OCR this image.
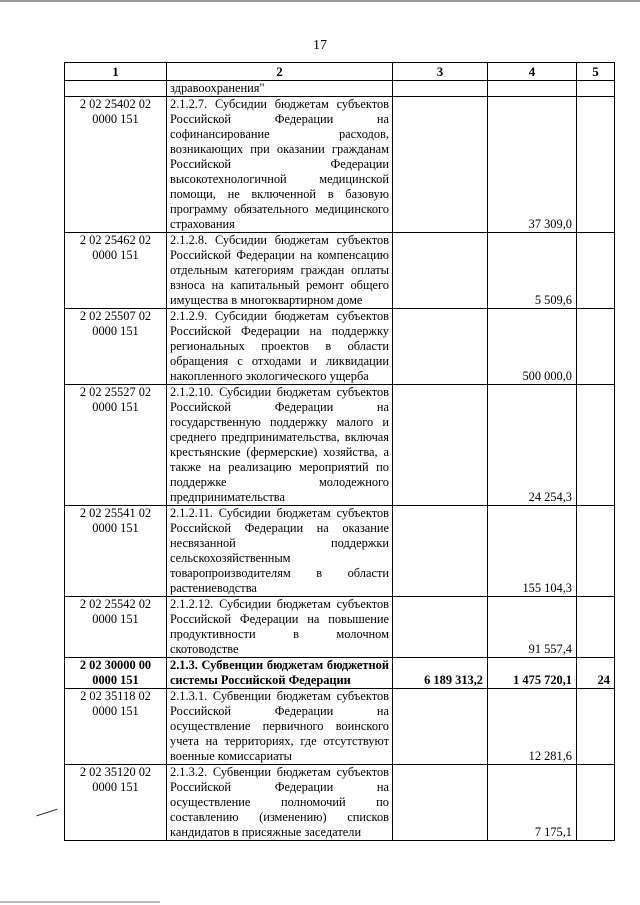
17
1	2	3	4	5
	здравоохранения"			
2 02 25402 02 0000 151	2.1.2.7. Субсидии бюджетам субъектов Российской Федерации на софинансирование расходов, возникающих при оказании гражданам Российской Федерации высокотехнологичной медицинской помощи, не включенной в базовую программу обязательного медицинского страхования		37 309,0	
2 02 25462 02 0000 151	2.1.2.8. Субсидии бюджетам субъектов Российской Федерации на компенсацию отдельным категориям граждан оплаты взноса на капитальный ремонт общего имущества в многоквартирном доме		5 509,6	
2 02 25507 02 0000 151	2.1.2.9. Субсидии бюджетам субъектов Российской Федерации на поддержку региональных проектов в области обращения с отходами и ликвидации накопленного экологического ущерба		500 000,0	
2 02 25527 02 0000 151	2.1.2.10. Субсидии бюджетам субъектов Российской Федерации на государственную поддержку малого и среднего предпринимательства, включая крестьянские (фермерские) хозяйства, а также на реализацию мероприятий по поддержке молодежного предпринимательства		24 254,3	
2 02 25541 02 0000 151	2.1.2.11. Субсидии бюджетам субъектов Российской Федерации на оказание несвязанной поддержки сельскохозяйственным товаропроизводителям в области растениеводства		155 104,3	
2 02 25542 02 0000 151	2.1.2.12. Субсидии бюджетам субъектов Российской Федерации на повышение продуктивности в молочном скотоводстве		91 557,4	
2 02 30000 00 0000 151	2.1.3. Субвенции бюджетам бюджетной системы Российской Федерации	6 189 313,2	1 475 720,1	24
2 02 35118 02 0000 151	2.1.3.1. Субвенции бюджетам субъектов Российской Федерации на осуществление первичного воинского учета на территориях, где отсутствуют военные комиссариаты		12 281,6	
2 02 35120 02 0000 151	2.1.3.2. Субвенции бюджетам субъектов Российской Федерации на осуществление полномочий по составлению (изменению) списков кандидатов в присяжные заседатели		7 175,1	
